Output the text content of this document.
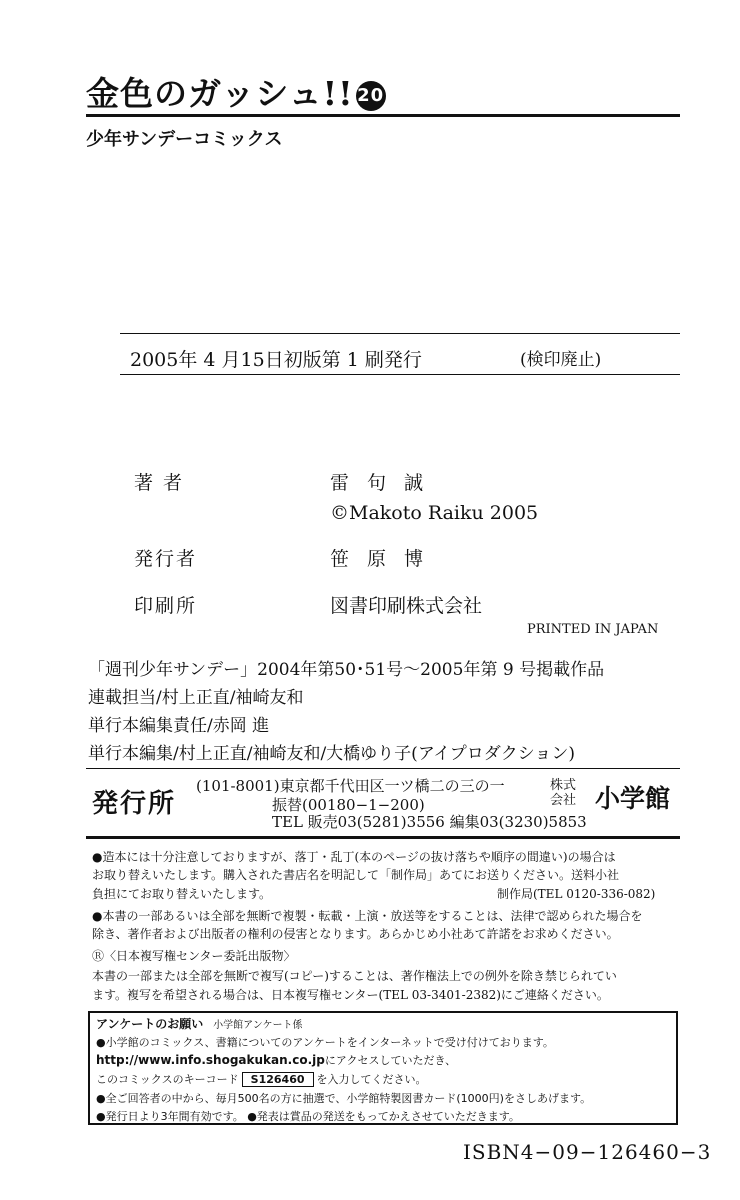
金色のガッシュ!! 20
少年サンデーコミックス
2005年 4 月15日初版第 1 刷発行	(検印廃止)
著 者	雷句誠
©Makoto Raiku 2005
発行者	笹原博
印刷所	図書印刷株式会社
PRINTED IN JAPAN
「週刊少年サンデー」2004年第50･51号〜2005年第 9 号掲載作品
連載担当/村上正直/袖崎友和
単行本編集責任/赤岡 進
単行本編集/村上正直/袖崎友和/大橋ゆり子(アイプロダクション)
発行所
(101-8001)東京都千代田区一ツ橋二の三の一
振替(00180−1−200)
TEL 販売03(5281)3556 編集03(3230)5853
株式会社 小学館
●造本には十分注意しておりますが、落丁・乱丁(本のページの抜け落ちや順序の間違い)の場合は
お取り替えいたします。購入された書店名を明記して「制作局」あてにお送りください。送料小社
負担にてお取り替えいたします。	制作局(TEL 0120-336-082)
●本書の一部あるいは全部を無断で複製・転載・上演・放送等をすることは、法律で認められた場合を
除き、著作者および出版者の権利の侵害となります。あらかじめ小社あて許諾をお求めください。
Ⓡ〈日本複写権センター委託出版物〉
本書の一部または全部を無断で複写(コピー)することは、著作権法上での例外を除き禁じられてい
ます。複写を希望される場合は、日本複写権センター(TEL 03-3401-2382)にご連絡ください。
アンケートのお願い 小学館アンケート係
●小学館のコミックス、書籍についてのアンケートをインターネットで受け付けております。
http://www.info.shogakukan.co.jpにアクセスしていただき、
このコミックスのキーコード S126460 を入力してください。
●全ご回答者の中から、毎月500名の方に抽選で、小学館特製図書カード(1000円)をさしあげます。
●発行日より3年間有効です。 ●発表は賞品の発送をもってかえさせていただきます。
ISBN4−09−126460−3
